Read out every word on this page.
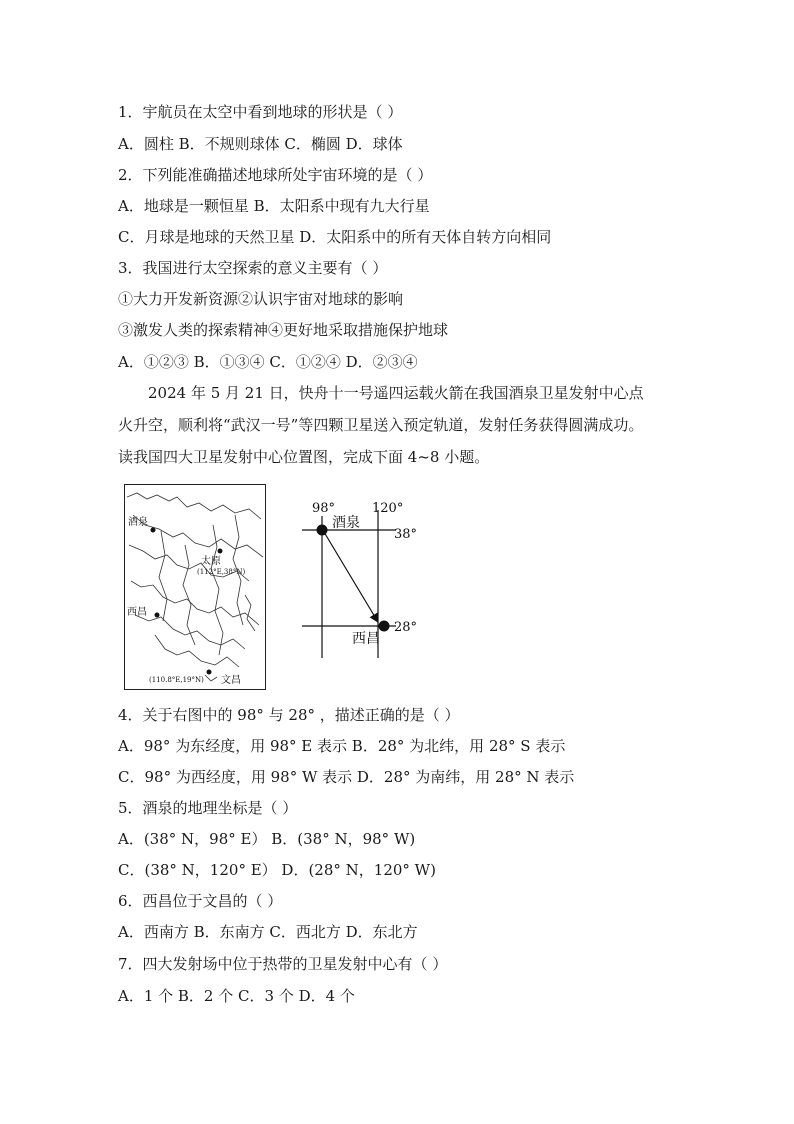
1．宇航员在太空中看到地球的形状是（ ）
A．圆柱 B．不规则球体 C．椭圆 D．球体
2．下列能准确描述地球所处宇宙环境的是（ ）
A．地球是一颗恒星 B．太阳系中现有九大行星
C．月球是地球的天然卫星 D．太阳系中的所有天体自转方向相同
3．我国进行太空探索的意义主要有（ ）
①大力开发新资源②认识宇宙对地球的影响
③激发人类的探索精神④更好地采取措施保护地球
A．①②③ B．①③④ C．①②④ D．②③④
2024 年 5 月 21 日，快舟十一号遥四运载火箭在我国酒泉卫星发射中心点
火升空，顺利将“武汉一号”等四颗卫星送入预定轨道，发射任务获得圆满成功。
读我国四大卫星发射中心位置图，完成下面 4~8 小题。
酒泉
太原
(112°E,38°N)
西昌
(110.8°E,19°N) 文昌
98°
酒泉
120°
38°
28°
西昌
4．关于右图中的 98° 与 28° ，描述正确的是（ ）
A．98° 为东经度，用 98° E 表示 B．28° 为北纬，用 28° S 表示
C．98° 为西经度，用 98° W 表示 D．28° 为南纬，用 28° N 表示
5．酒泉的地理坐标是（ ）
A．(38° N，98° E） B．(38° N，98° W)
C．(38° N，120° E） D．(28° N，120° W)
6．西昌位于文昌的（ ）
A．西南方 B．东南方 C．西北方 D．东北方
7．四大发射场中位于热带的卫星发射中心有（ ）
A．1 个 B．2 个 C．3 个 D．4 个
